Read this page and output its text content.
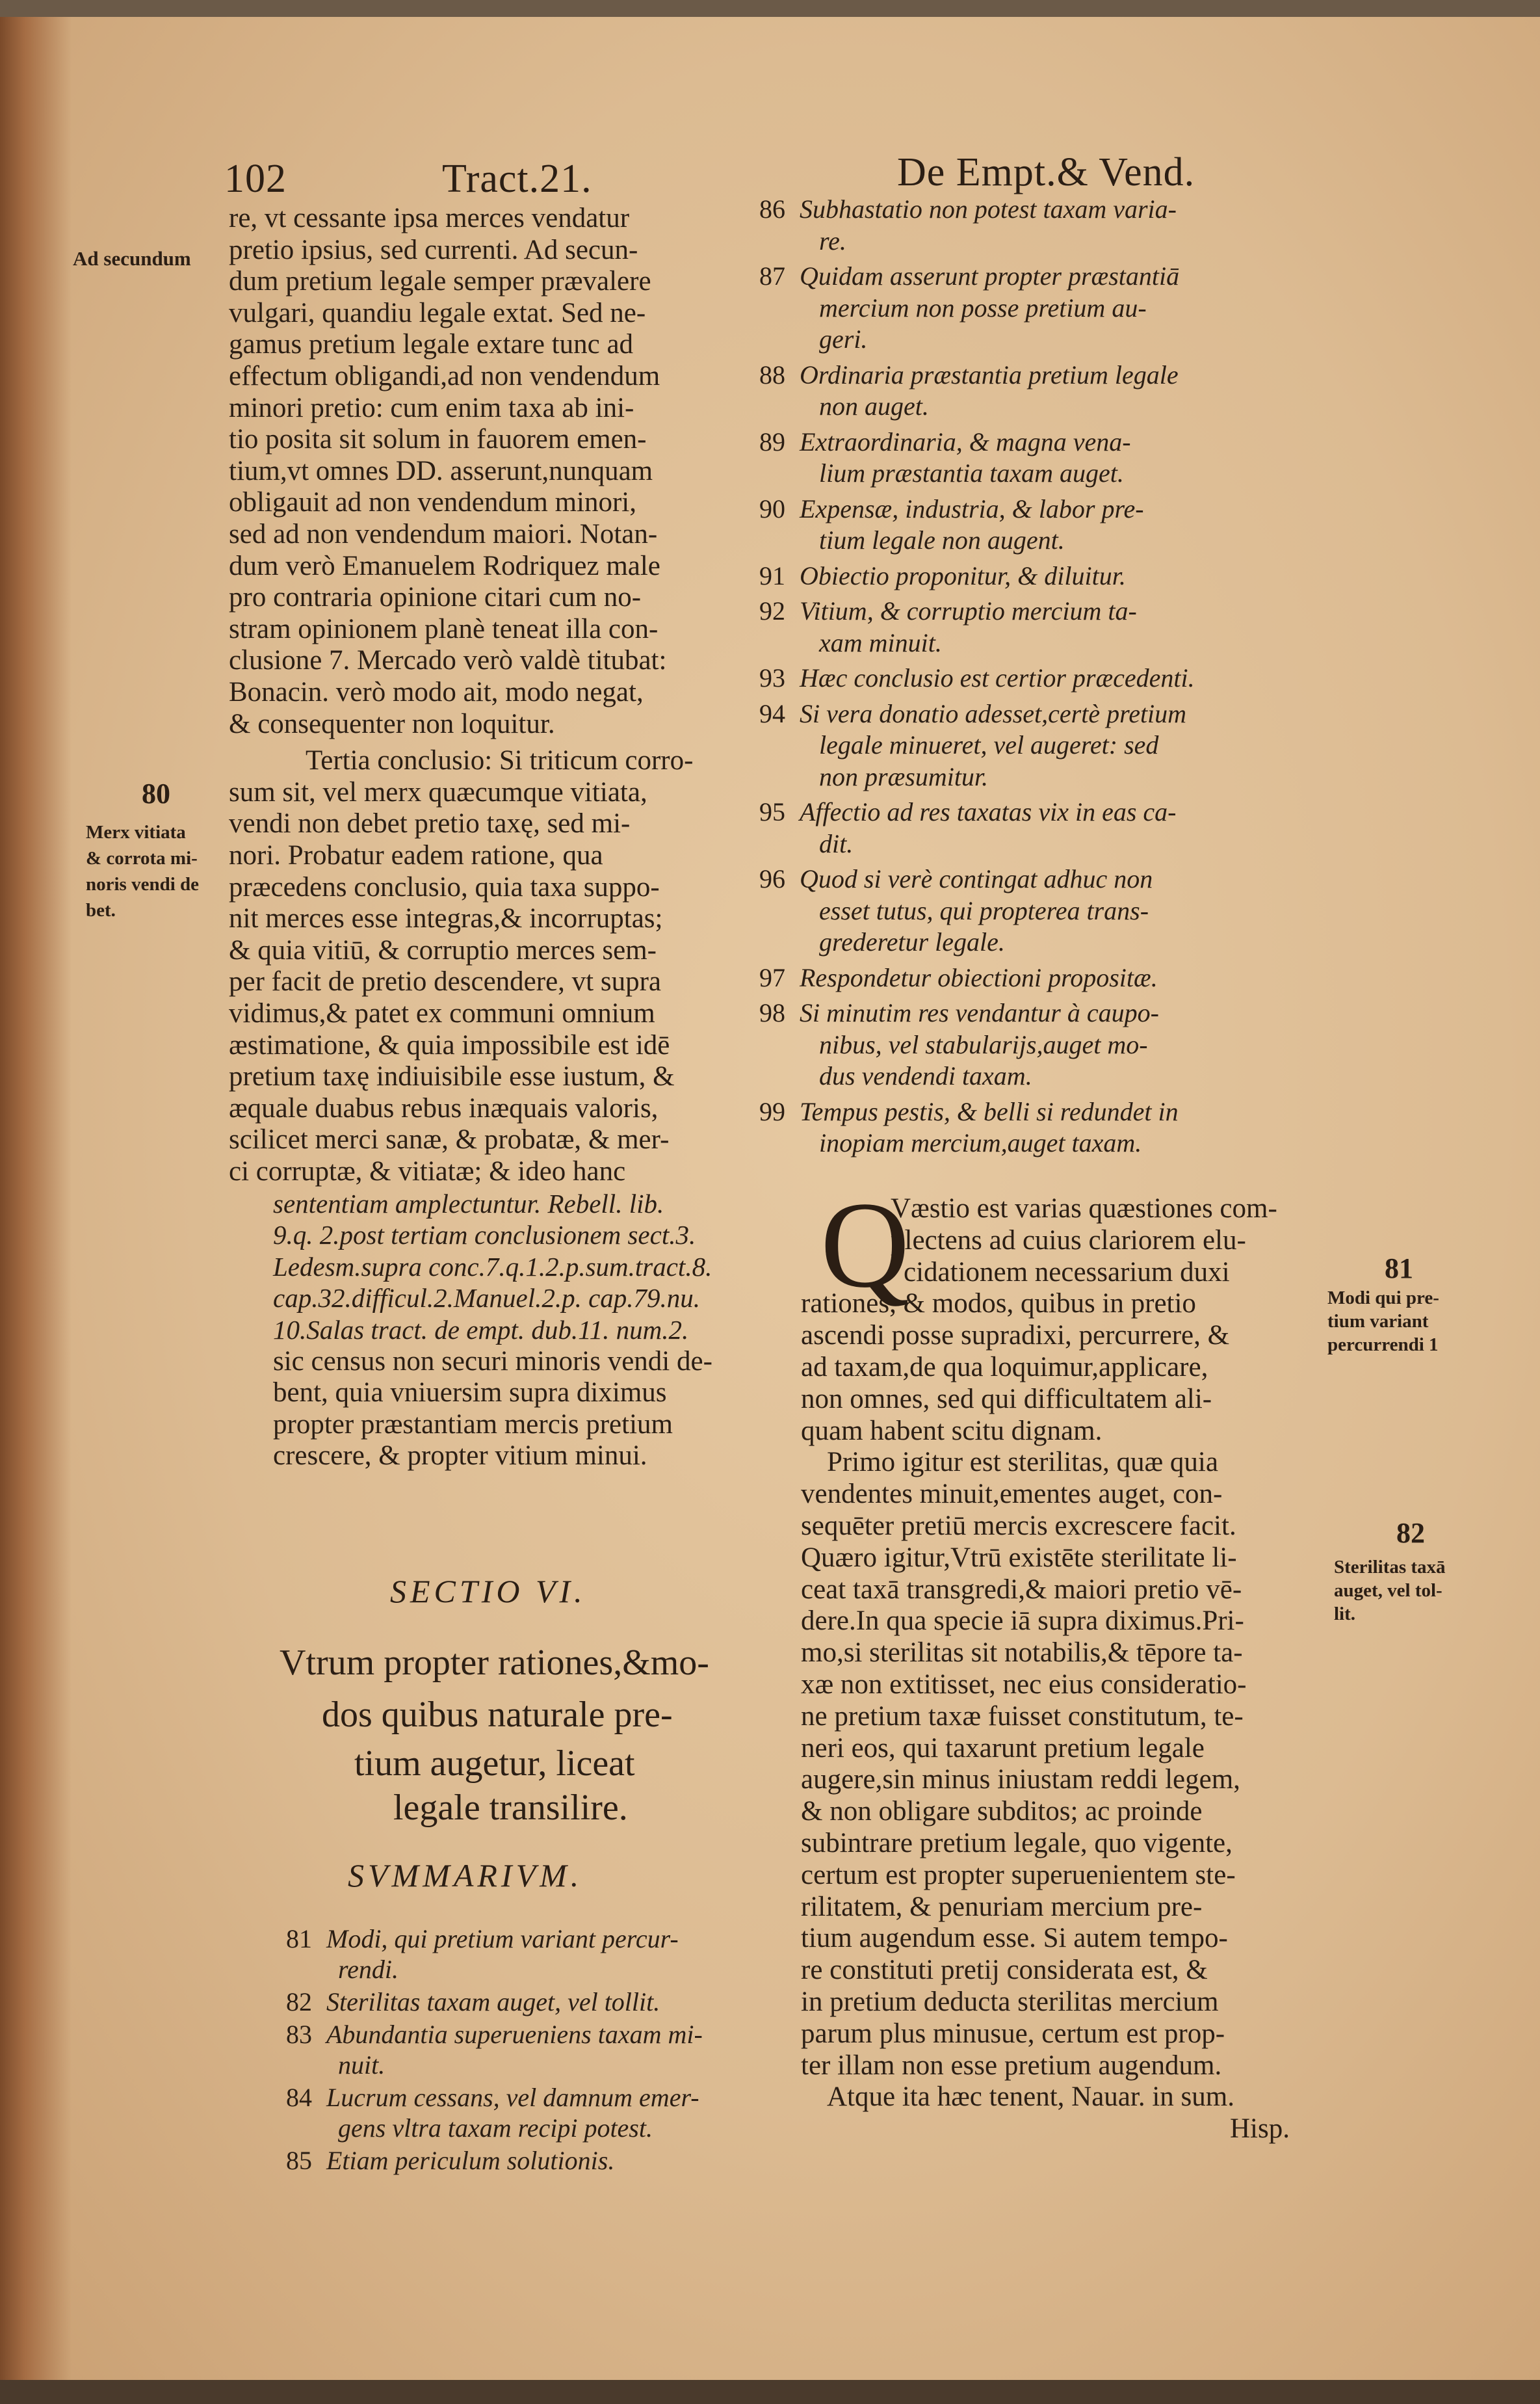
102	Tract.21.	De Empt.& Vend.
Ad secundum
80
Merx vitiata
& corrota mi-
noris vendi de
bet.
re, vt cessante ipsa merces vendatur
pretio ipsius, sed currenti. Ad secun-
dum pretium legale semper prævalere
vulgari, quandiu legale extat. Sed ne-
gamus pretium legale extare tunc ad
effectum obligandi,ad non vendendum
minori pretio: cum enim taxa ab ini-
tio posita sit solum in fauorem emen-
tium,vt omnes DD. asserunt,nunquam
obligauit ad non vendendum minori,
sed ad non vendendum maiori. Notan-
dum verò Emanuelem Rodriquez male
pro contraria opinione citari cum no-
stram opinionem planè teneat illa con-
clusione 7. Mercado verò valdè titubat:
Bonacin. verò modo ait, modo negat,
& consequenter non loquitur.
Tertia conclusio: Si triticum corro-
sum sit, vel merx quæcumque vitiata,
vendi non debet pretio taxę, sed mi-
nori. Probatur eadem ratione, qua
præcedens conclusio, quia taxa suppo-
nit merces esse integras,& incorruptas;
& quia vitiū, & corruptio merces sem-
per facit de pretio descendere, vt supra
vidimus,& patet ex communi omnium
æstimatione, & quia impossibile est idē
pretium taxę indiuisibile esse iustum, &
æquale duabus rebus inæquais valoris,
scilicet merci sanæ, & probatæ, & mer-
ci corruptæ, & vitiatæ; & ideo hanc
sententiam amplectuntur. Rebell. lib.
9.q. 2.post tertiam conclusionem sect.3.
Ledesm.supra conc.7.q.1.2.p.sum.tract.8.
cap.32.difficul.2.Manuel.2.p. cap.79.nu.
10.Salas tract. de empt. dub.11. num.2.
sic census non securi minoris vendi de-
bent, quia vniuersim supra diximus
propter præstantiam mercis pretium
crescere, & propter vitium minui.
SECTIO VI.
Vtrum propter rationes,&mo-
dos quibus naturale pre-
tium augetur, liceat
legale transilire.
SVMMARIVM.
81 Modi, qui pretium variant percur-
rendi.
82 Sterilitas taxam auget, vel tollit.
83 Abundantia superueniens taxam mi-
nuit.
84 Lucrum cessans, vel damnum emer-
gens vltra taxam recipi potest.
85 Etiam periculum solutionis.
86 Subhastatio non potest taxam varia-
re.
87 Quidam asserunt propter præstantiā
mercium non posse pretium au-
geri.
88 Ordinaria præstantia pretium legale
non auget.
89 Extraordinaria, & magna vena-
lium præstantia taxam auget.
90 Expensæ, industria, & labor pre-
tium legale non augent.
91 Obiectio proponitur, & diluitur.
92 Vitium, & corruptio mercium ta-
xam minuit.
93 Hæc conclusio est certior præcedenti.
94 Si vera donatio adesset,certè pretium
legale minueret, vel augeret: sed
non præsumitur.
95 Affectio ad res taxatas vix in eas ca-
dit.
96 Quod si verè contingat adhuc non
esset tutus, qui propterea trans-
grederetur legale.
97 Respondetur obiectioni propositæ.
98 Si minutim res vendantur à caupo-
nibus, vel stabularijs,auget mo-
dus vendendi taxam.
99 Tempus pestis, & belli si redundet in
inopiam mercium,auget taxam.
Q
Væstio est varias quæstiones com-
plectens ad cuius clariorem elu-
cidationem necessarium duxi
rationes, & modos, quibus in pretio
ascendi posse supradixi, percurrere, &
ad taxam,de qua loquimur,applicare,
non omnes, sed qui difficultatem ali-
quam habent scitu dignam.
Primo igitur est sterilitas, quæ quia
vendentes minuit,ementes auget, con-
sequēter pretiū mercis excrescere facit.
Quæro igitur,Vtrū existēte sterilitate li-
ceat taxā transgredi,& maiori pretio vē-
dere.In qua specie iā supra diximus.Pri-
mo,si sterilitas sit notabilis,& tēpore ta-
xæ non extitisset, nec eius consideratio-
ne pretium taxæ fuisset constitutum, te-
neri eos, qui taxarunt pretium legale
augere,sin minus iniustam reddi legem,
& non obligare subditos; ac proinde
subintrare pretium legale, quo vigente,
certum est propter superuenientem ste-
rilitatem, & penuriam mercium pre-
tium augendum esse. Si autem tempo-
re constituti pretij considerata est, &
in pretium deducta sterilitas mercium
parum plus minusue, certum est prop-
ter illam non esse pretium augendum.
Atque ita hæc tenent, Nauar. in sum.
Hisp.
81
Modi qui pre-
tium variant
percurrendi 1
82
Sterilitas taxā
auget, vel tol-
lit.
